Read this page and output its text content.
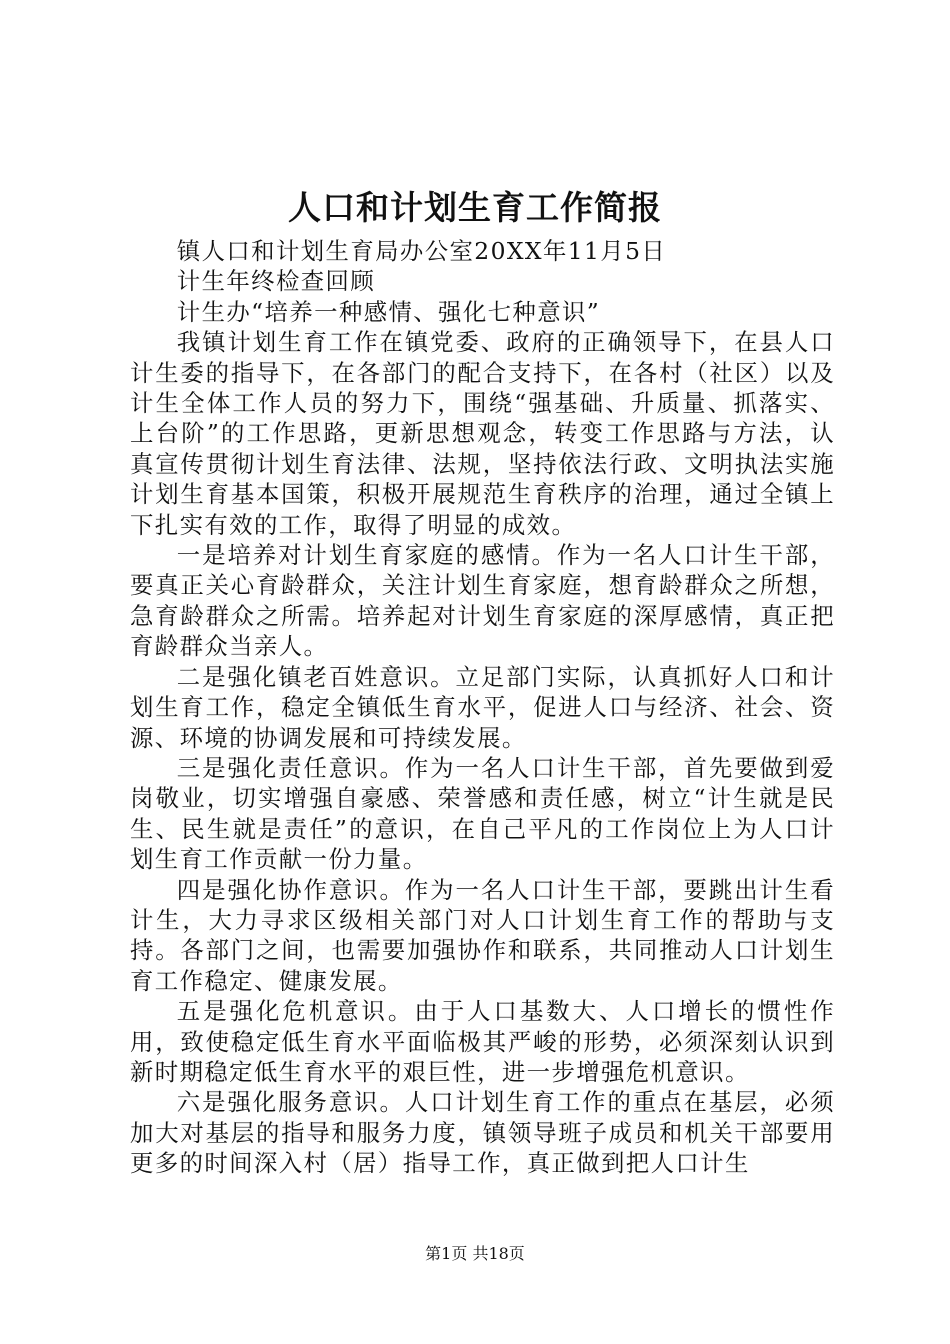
人口和计划生育工作简报

镇人口和计划生育局办公室20XX年11月5日

计生年终检查回顾

计生办“培养一种感情、强化七种意识”

我镇计划生育工作在镇党委、政府的正确领导下，在县人口计生委的指导下，在各部门的配合支持下，在各村（社区）以及计生全体工作人员的努力下，围绕“强基础、升质量、抓落实、上台阶”的工作思路，更新思想观念，转变工作思路与方法，认真宣传贯彻计划生育法律、法规，坚持依法行政、文明执法实施计划生育基本国策，积极开展规范生育秩序的治理，通过全镇上下扎实有效的工作，取得了明显的成效。

一是培养对计划生育家庭的感情。作为一名人口计生干部，要真正关心育龄群众，关注计划生育家庭，想育龄群众之所想，急育龄群众之所需。培养起对计划生育家庭的深厚感情，真正把育龄群众当亲人。

二是强化镇老百姓意识。立足部门实际，认真抓好人口和计划生育工作，稳定全镇低生育水平，促进人口与经济、社会、资源、环境的协调发展和可持续发展。

三是强化责任意识。作为一名人口计生干部，首先要做到爱岗敬业，切实增强自豪感、荣誉感和责任感，树立“计生就是民生、民生就是责任”的意识，在自己平凡的工作岗位上为人口计划生育工作贡献一份力量。

四是强化协作意识。作为一名人口计生干部，要跳出计生看计生，大力寻求区级相关部门对人口计划生育工作的帮助与支持。各部门之间，也需要加强协作和联系，共同推动人口计划生育工作稳定、健康发展。

五是强化危机意识。由于人口基数大、人口增长的惯性作用，致使稳定低生育水平面临极其严峻的形势，必须深刻认识到新时期稳定低生育水平的艰巨性，进一步增强危机意识。

六是强化服务意识。人口计划生育工作的重点在基层，必须加大对基层的指导和服务力度，镇领导班子成员和机关干部要用更多的时间深入村（居）指导工作，真正做到把人口计生

第1页 共18页
